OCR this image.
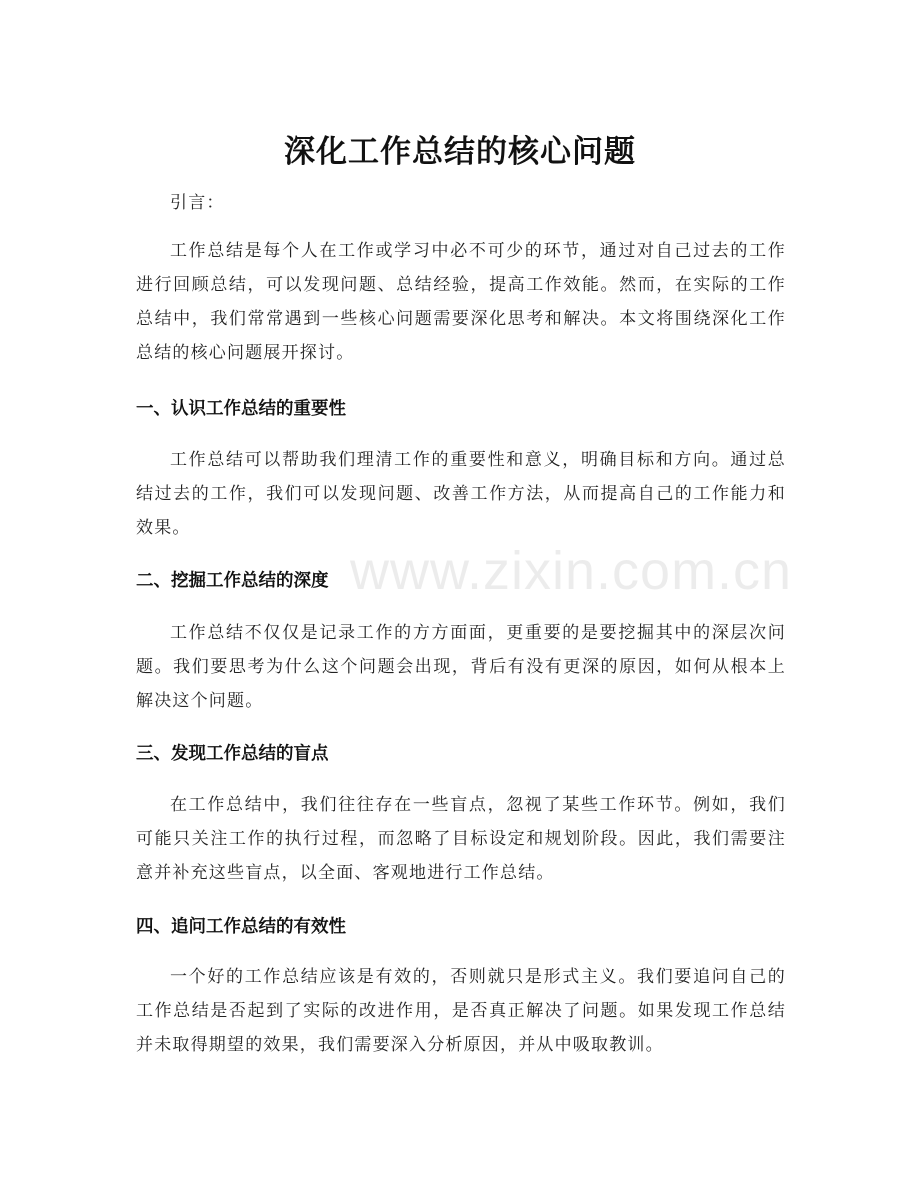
深化工作总结的核心问题

引言：

工作总结是每个人在工作或学习中必不可少的环节，通过对自己过去的工作进行回顾总结，可以发现问题、总结经验，提高工作效能。然而，在实际的工作总结中，我们常常遇到一些核心问题需要深化思考和解决。本文将围绕深化工作总结的核心问题展开探讨。

一、认识工作总结的重要性

工作总结可以帮助我们理清工作的重要性和意义，明确目标和方向。通过总结过去的工作，我们可以发现问题、改善工作方法，从而提高自己的工作能力和效果。

二、挖掘工作总结的深度

工作总结不仅仅是记录工作的方方面面，更重要的是要挖掘其中的深层次问题。我们要思考为什么这个问题会出现，背后有没有更深的原因，如何从根本上解决这个问题。

三、发现工作总结的盲点

在工作总结中，我们往往存在一些盲点，忽视了某些工作环节。例如，我们可能只关注工作的执行过程，而忽略了目标设定和规划阶段。因此，我们需要注意并补充这些盲点，以全面、客观地进行工作总结。

四、追问工作总结的有效性

一个好的工作总结应该是有效的，否则就只是形式主义。我们要追问自己的工作总结是否起到了实际的改进作用，是否真正解决了问题。如果发现工作总结并未取得期望的效果，我们需要深入分析原因，并从中吸取教训。

www.zixin.com.cn
